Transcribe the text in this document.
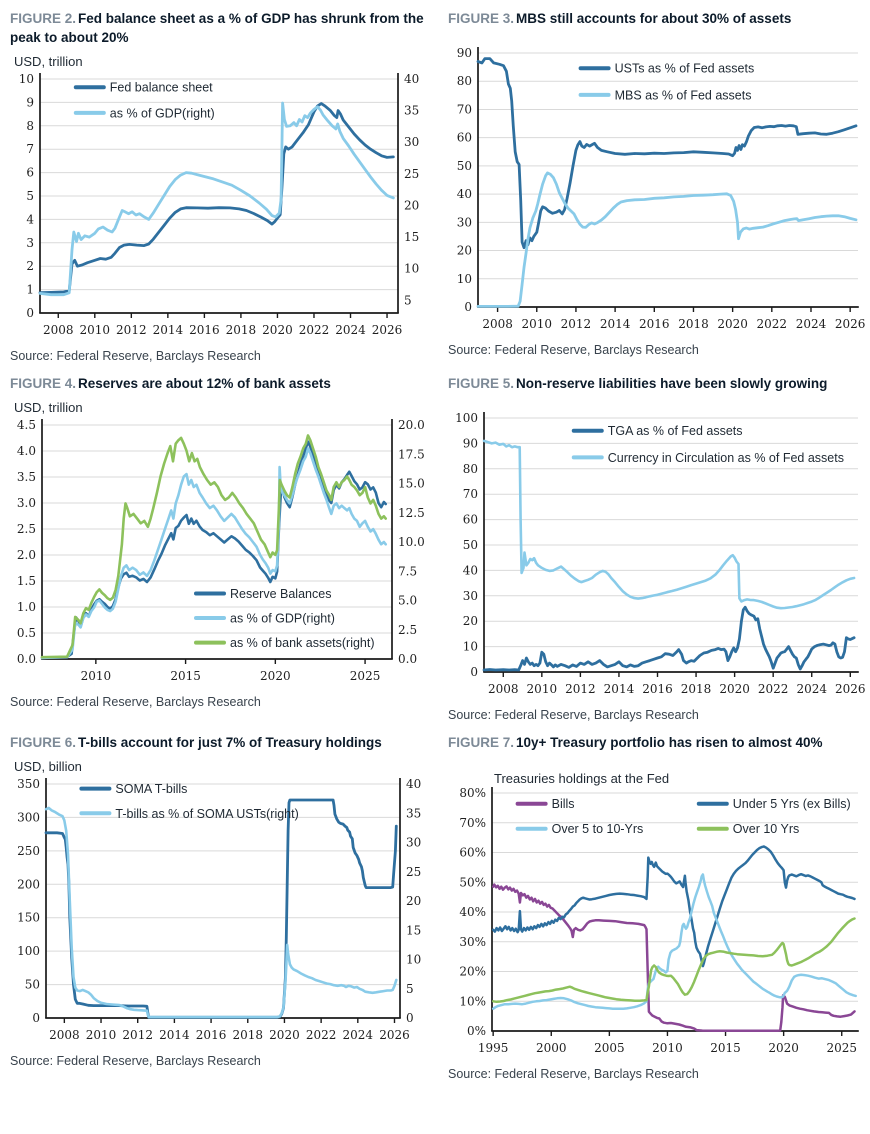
FIGURE 2. Fed balance sheet as a % of GDP has shrunk from the peak to about 20%
USD, trillion
0
1
2
3
4
5
6
7
8
9
10
5
10
15
20
25
30
35
40
2008 2010 2012 2014 2016 2018 2020 2022 2024 2026
Fed balance sheet
as % of GDP(right)
Source: Federal Reserve, Barclays Research
FIGURE 3. MBS still accounts for about 30% of assets
0
10
20
30
40
50
60
70
80
90
2008 2010 2012 2014 2016 2018 2020 2022 2024 2026
USTs as % of Fed assets
MBS as % of Fed assets
Source: Federal Reserve, Barclays Research
FIGURE 4. Reserves are about 12% of bank assets
USD, trillion
0.0
0.5
1.0
1.5
2.0
2.5
3.0
3.5
4.0
4.5
0.0
2.5
5.0
7.5
10.0
12.5
15.0
17.5
20.0
2010	2015	2020	2025
Reserve Balances
as % of GDP(right)
as % of bank assets(right)
Source: Federal Reserve, Barclays Research
FIGURE 5. Non-reserve liabilities have been slowly growing
0
10
20
30
40
50
60
70
80
90
100
2008 2010 2012 2014 2016 2018 2020 2022 2024 2026
TGA as % of Fed assets
Currency in Circulation as % of Fed assets
Source: Federal Reserve, Barclays Research
FIGURE 6. T-bills account for just 7% of Treasury holdings
USD, billion
0
50
100
150
200
250
300
350
0
5
10
15
20
25
30
35
40
2008 2010 2012 2014 2016 2018 2020 2022 2024 2026
SOMA T-bills
T-bills as % of SOMA USTs(right)
Source: Federal Reserve, Barclays Research
FIGURE 7. 10y+ Treasury portfolio has risen to almost 40%
0%
10%
20%
30%
40%
50%
60%
70%
80%
1995 2000 2005 2010 2015 2020 2025
Treasuries holdings at the Fed
Bills	Under 5 Yrs (ex Bills)
Over 5 to 10-Yrs	Over 10 Yrs
Source: Federal Reserve, Barclays Research
